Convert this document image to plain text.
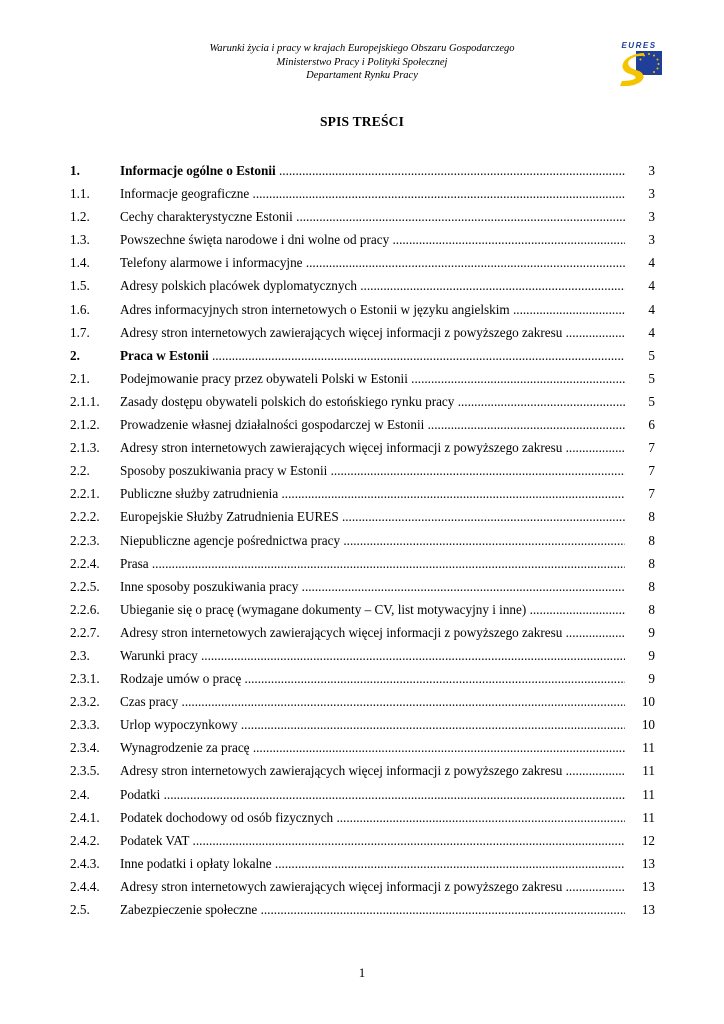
Warunki życia i pracy w krajach Europejskiego Obszaru Gospodarczego
Ministerstwo Pracy i Polityki Społecznej
Departament Rynku Pracy
EURES
SPIS TREŚCI
1.	Informacje ogólne o Estonii .....	3
1.1. Informacje geograficzne .....	3
1.2. Cechy charakterystyczne Estonii .....	3
1.3. Powszechne święta narodowe i dni wolne od pracy .....	3
1.4. Telefony alarmowe i informacyjne .....	4
1.5. Adresy polskich placówek dyplomatycznych .....	4
1.6. Adres informacyjnych stron internetowych o Estonii w języku angielskim .....	4
1.7. Adresy stron internetowych zawierających więcej informacji z powyższego zakresu .....	4
2.	Praca w Estonii .....	5
2.1. Podejmowanie pracy przez obywateli Polski w Estonii .....	5
2.1.1. Zasady dostępu obywateli polskich do estońskiego rynku pracy .....	5
2.1.2. Prowadzenie własnej działalności gospodarczej w Estonii .....	6
2.1.3. Adresy stron internetowych zawierających więcej informacji z powyższego zakresu .....	7
2.2. Sposoby poszukiwania pracy w Estonii .....	7
2.2.1. Publiczne służby zatrudnienia .....	7
2.2.2. Europejskie Służby Zatrudnienia EURES .....	8
2.2.3. Niepubliczne agencje pośrednictwa pracy .....	8
2.2.4. Prasa .....	8
2.2.5. Inne sposoby poszukiwania pracy .....	8
2.2.6. Ubieganie się o pracę (wymagane dokumenty – CV, list motywacyjny i inne) .....	8
2.2.7. Adresy stron internetowych zawierających więcej informacji z powyższego zakresu .....	9
2.3. Warunki pracy .....	9
2.3.1. Rodzaje umów o pracę .....	9
2.3.2. Czas pracy .....	10
2.3.3. Urlop wypoczynkowy .....	10
2.3.4. Wynagrodzenie za pracę .....	11
2.3.5. Adresy stron internetowych zawierających więcej informacji z powyższego zakresu .....	11
2.4. Podatki .....	11
2.4.1. Podatek dochodowy od osób fizycznych .....	11
2.4.2. Podatek VAT .....	12
2.4.3. Inne podatki i opłaty lokalne .....	13
2.4.4. Adresy stron internetowych zawierających więcej informacji z powyższego zakresu .....	13
2.5. Zabezpieczenie społeczne .....	13
1
